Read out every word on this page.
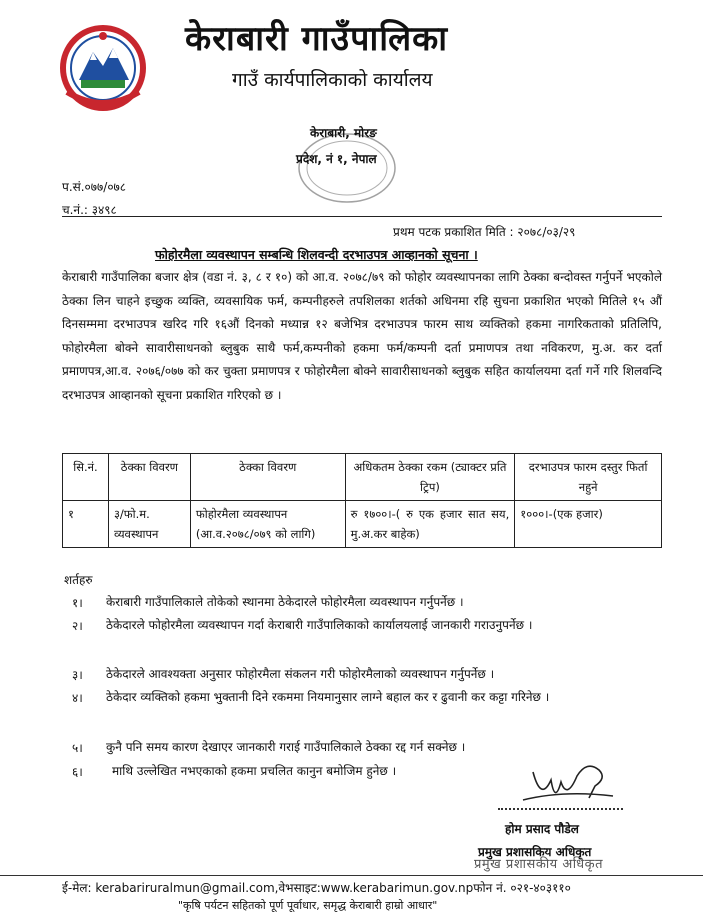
केराबारी गाउँपालिका
गाउँ कार्यपालिकाको कार्यालय
केराबारी, मोरङ
प्रदेश, नं १, नेपाल
प.सं.०७७/०७८
च.नं.: ३४९८
प्रथम पटक प्रकाशित मिति : २०७८/०३/२९
फोहोरमैला व्यवस्थापन सम्बन्धि शिलवन्दी दरभाउपत्र आव्हानको सूचना ।
केराबारी गाउँपालिका बजार क्षेत्र (वडा नं. ३, ८ र १०) को आ.व. २०७८/७९ को फोहोर व्यवस्थापनका लागि ठेक्का बन्दोवस्त गर्नुपर्ने भएकोले ठेक्का लिन चाहने इच्छुक व्यक्ति, व्यवसायिक फर्म, कम्पनीहरुले तपशिलका शर्तको अधिनमा रहि सुचना प्रकाशित भएको मितिले १५ औं दिनसम्ममा दरभाउपत्र खरिद गरि १६औं दिनको मध्यान्न १२ बजेभित्र दरभाउपत्र फारम साथ व्यक्तिको हकमा नागरिकताको प्रतिलिपि, फोहोरमैला बोक्ने सावारीसाधनको ब्लुबुक साथै फर्म,कम्पनीको हकमा फर्म/कम्पनी दर्ता प्रमाणपत्र तथा नविकरण, मु.अ. कर दर्ता प्रमाणपत्र,आ.व. २०७६/०७७ को कर चुक्ता प्रमाणपत्र र फोहोरमैला बोक्ने सावारीसाधनको ब्लुबुक सहित कार्यालयमा दर्ता गर्ने गरि शिलवन्दि दरभाउपत्र आव्हानको सूचना प्रकाशित गरिएको छ ।
सि.नं.	ठेक्का विवरण	ठेक्का विवरण	अधिकतम ठेक्का रकम (ट्याक्टर प्रति ट्रिप)	दरभाउपत्र फारम दस्तुर फिर्ता नहुने
१	३/फो.म. व्यवस्थापन	फोहोरमैला व्यवस्थापन (आ.व.२०७८/०७९ को लागि)	रु १७००।-( रु एक हजार सात सय, मु.अ.कर बाहेक)	१०००।-(एक हजार)
शर्तहरु
१। केराबारी गाउँपालिकाले तोकेको स्थानमा ठेकेदारले फोहोरमैला व्यवस्थापन गर्नुपर्नेछ ।
२। ठेकेदारले फोहोरमैला व्यवस्थापन गर्दा केराबारी गाउँपालिकाको कार्यालयलाई जानकारी गराउनुपर्नेछ ।
३। ठेकेदारले आवश्यक्ता अनुसार फोहोरमैला संकलन गरी फोहोरमैलाको व्यवस्थापन गर्नुपर्नेछ ।
४। ठेकेदार व्यक्तिको हकमा भुक्तानी दिने रकममा नियमानुसार लाग्ने बहाल कर र ढुवानी कर कट्टा गरिनेछ ।
५। कुनै पनि समय कारण देखाएर जानकारी गराई गाउँपालिकाले ठेक्का रद्द गर्न सक्नेछ ।
६। माथि उल्लेखित नभएकाको हकमा प्रचलित कानुन बमोजिम हुनेछ ।
होम प्रसाद पौडेल
प्रमुख प्रशासकिय अधिकृत
प्रमुख प्रशासकीय अधिकृत
ई-मेल: kerabariruralmun@gmail.com,वेभसाइट:www.kerabarimun.gov.npफोन नं. ०२१-४०३११०
"कृषि पर्यटन सहितको पूर्ण पूर्वाधार, समृद्ध केराबारी हाम्रो आधार"
